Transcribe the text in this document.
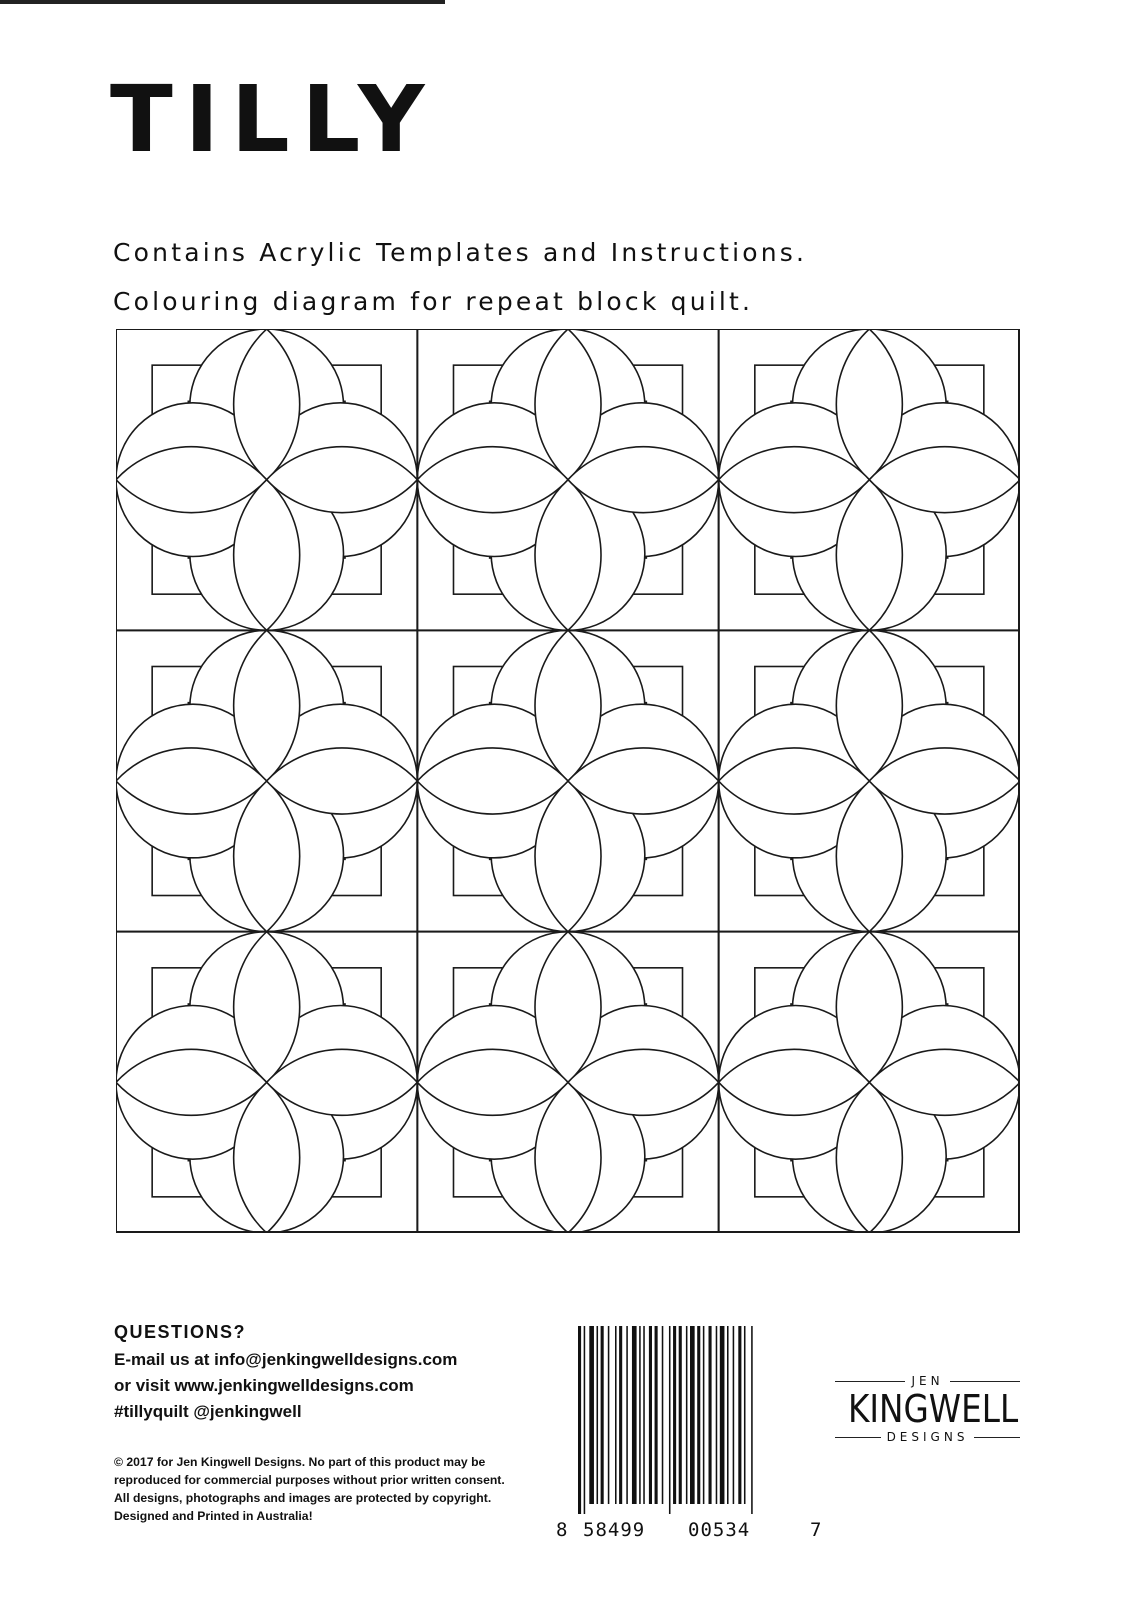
TILLY

Contains Acrylic Templates and Instructions.

Colouring diagram for repeat block quilt.

QUESTIONS?

E-mail us at info@jenkingwelldesigns.com

or visit www.jenkingwelldesigns.com

#tillyquilt @jenkingwell

© 2017 for Jen Kingwell Designs. No part of this product may be

reproduced for commercial purposes without prior written consent.

All designs, photographs and images are protected by copyright.

Designed and Printed in Australia!

8 58499 00534	7
JEN
KINGWELL
DESIGNS
